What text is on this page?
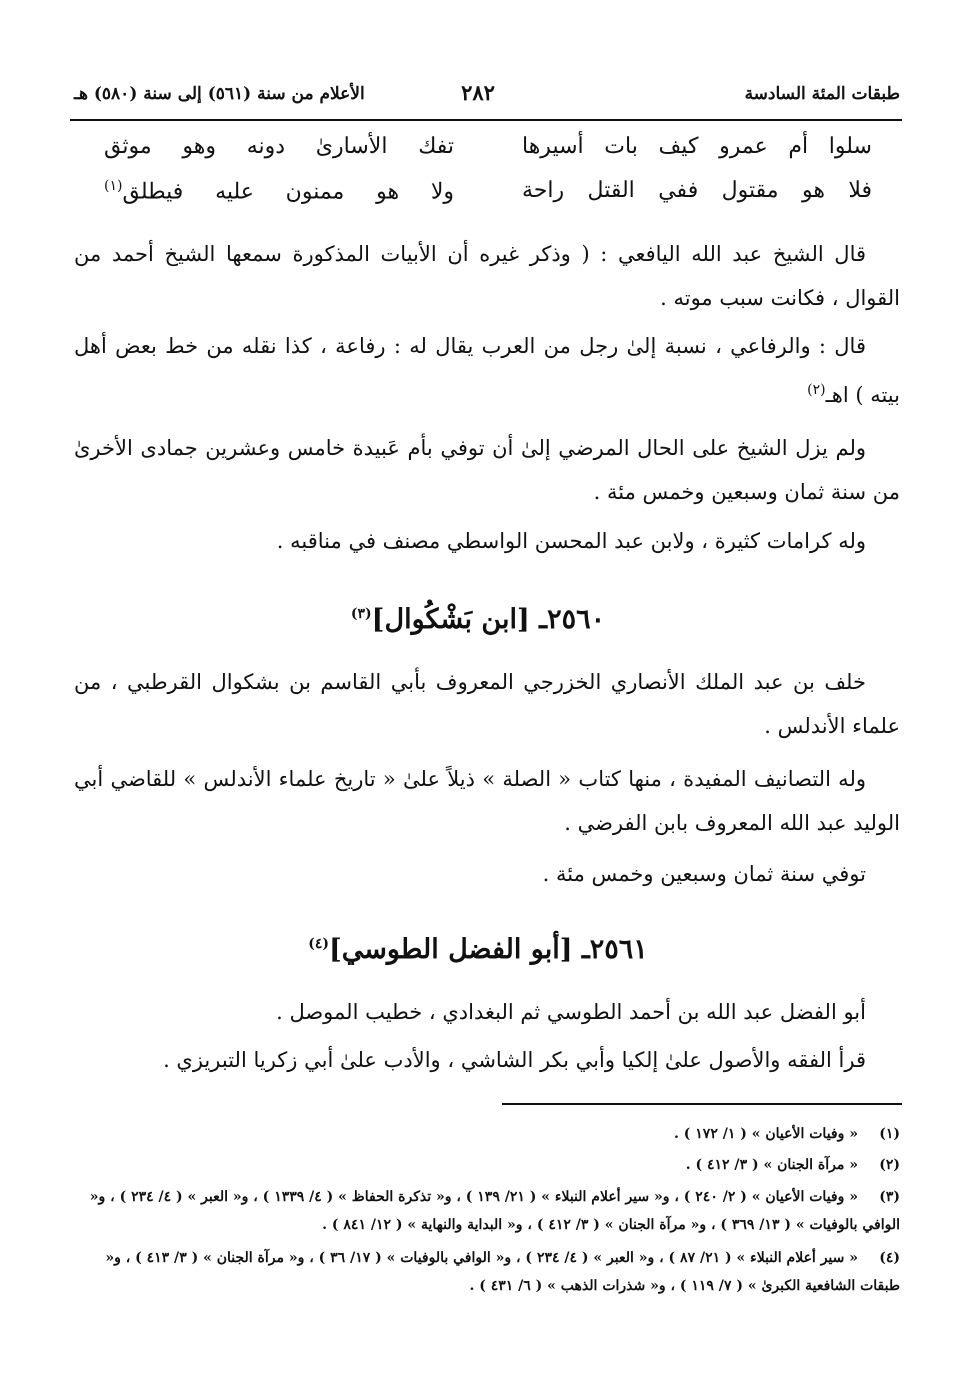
طبقات المئة السادسة
٢٨٢
الأعلام من سنة (٥٦١) إلى سنة (٥٨٠) هـ
سلوا أم عمرو كيف بات أسيرها
تفك الأسارىٰ دونه وهو موثق
فلا هو مقتول ففي القتل راحة
ولا هو ممنون عليه فيطلق$^{(١)}$
قال الشيخ عبد الله اليافعي : ( وذكر غيره أن الأبيات المذكورة سمعها الشيخ أحمد من القوال ، فكانت سبب موته .
قال : والرفاعي ، نسبة إلىٰ رجل من العرب يقال له : رفاعة ، كذا نقله من خط بعض أهل بيته ) اهـ$^{(٢)}$
ولم يزل الشيخ على الحال المرضي إلىٰ أن توفي بأم عَبيدة خامس وعشرين جمادى الأخرىٰ من سنة ثمان وسبعين وخمس مئة .
وله كرامات كثيرة ، ولابن عبد المحسن الواسطي مصنف في مناقبه .
٢٥٦٠ـ [ابن بَشْكُوال]$^{(٣)}$
خلف بن عبد الملك الأنصاري الخزرجي المعروف بأبي القاسم بن بشكوال القرطبي ، من علماء الأندلس .
وله التصانيف المفيدة ، منها كتاب « الصلة » ذيلاً علىٰ « تاريخ علماء الأندلس » للقاضي أبي الوليد عبد الله المعروف بابن الفرضي .
توفي سنة ثمان وسبعين وخمس مئة .
٢٥٦١ـ [أبو الفضل الطوسي]$^{(٤)}$
أبو الفضل عبد الله بن أحمد الطوسي ثم البغدادي ، خطيب الموصل .
قرأ الفقه والأصول علىٰ إلكيا وأبي بكر الشاشي ، والأدب علىٰ أبي زكريا التبريزي .
(١)« وفيات الأعيان » ( ١/ ١٧٢ ) .
(٢)« مرآة الجنان » ( ٣/ ٤١٢ ) .
(٣)« وفيات الأعيان » ( ٢/ ٢٤٠ ) ، و« سير أعلام النبلاء » ( ٢١/ ١٣٩ ) ، و« تذكرة الحفاظ » ( ٤/ ١٣٣٩ ) ، و« العبر » ( ٤/ ٢٣٤ ) ، و« الوافي بالوفيات » ( ١٣/ ٣٦٩ ) ، و« مرآة الجنان » ( ٣/ ٤١٢ ) ، و« البداية والنهاية » ( ١٢/ ٨٤١ ) .
(٤)« سير أعلام النبلاء » ( ٢١/ ٨٧ ) ، و« العبر » ( ٤/ ٢٣٤ ) ، و« الوافي بالوفيات » ( ١٧/ ٣٦ ) ، و« مرآة الجنان » ( ٣/ ٤١٣ ) ، و« طبقات الشافعية الكبرىٰ » ( ٧/ ١١٩ ) ، و« شذرات الذهب » ( ٦/ ٤٣١ ) .
